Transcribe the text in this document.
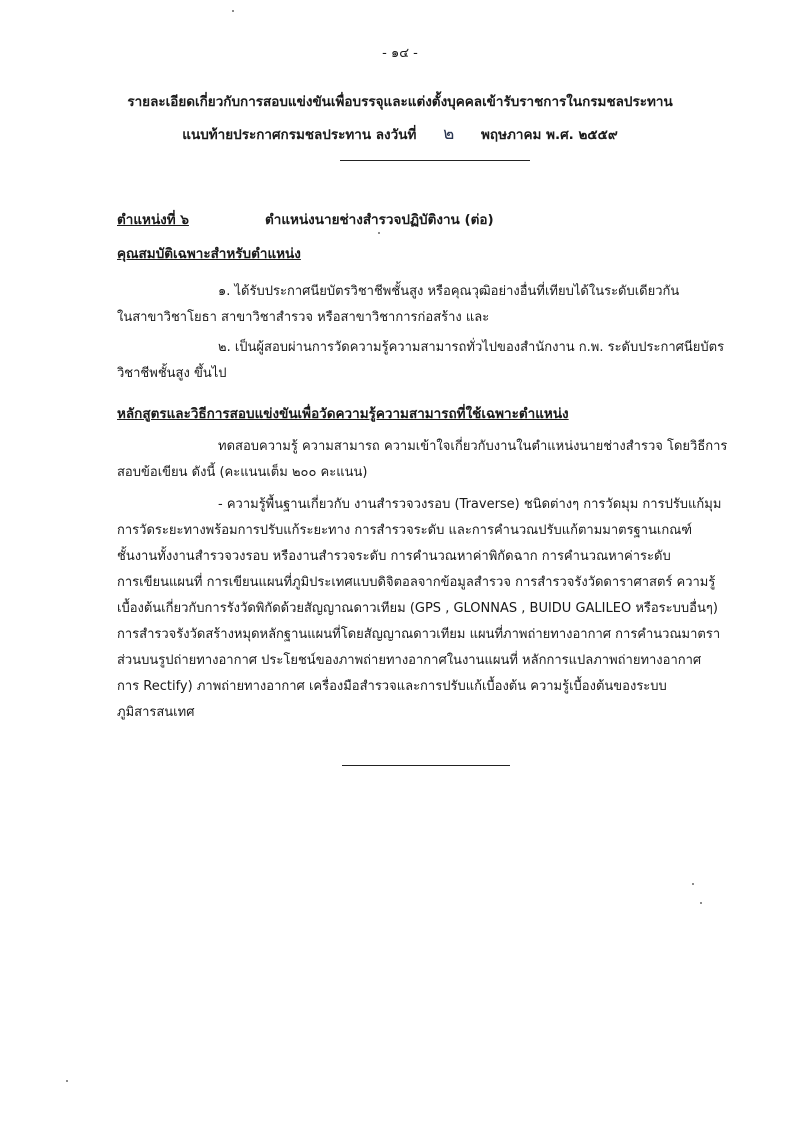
- ๑๔ -
รายละเอียดเกี่ยวกับการสอบแข่งขันเพื่อบรรจุและแต่งตั้งบุคคลเข้ารับราชการในกรมชลประทาน
แนบท้ายประกาศกรมชลประทาน ลงวันที่ ๒ พฤษภาคม พ.ศ. ๒๕๕๙
ตำแหน่งที่ ๖	ตำแหน่งนายช่างสำรวจปฏิบัติงาน (ต่อ)
คุณสมบัติเฉพาะสำหรับตำแหน่ง
๑. ได้รับประกาศนียบัตรวิชาชีพชั้นสูง หรือคุณวุฒิอย่างอื่นที่เทียบได้ในระดับเดียวกัน
ในสาขาวิชาโยธา สาขาวิชาสำรวจ หรือสาขาวิชาการก่อสร้าง และ
๒. เป็นผู้สอบผ่านการวัดความรู้ความสามารถทั่วไปของสำนักงาน ก.พ. ระดับประกาศนียบัตร
วิชาชีพชั้นสูง ขึ้นไป
หลักสูตรและวิธีการสอบแข่งขันเพื่อวัดความรู้ความสามารถที่ใช้เฉพาะตำแหน่ง
ทดสอบความรู้ ความสามารถ ความเข้าใจเกี่ยวกับงานในตำแหน่งนายช่างสำรวจ โดยวิธีการ
สอบข้อเขียน ดังนี้ (คะแนนเต็ม ๒๐๐ คะแนน)
- ความรู้พื้นฐานเกี่ยวกับ งานสำรวจวงรอบ (Traverse) ชนิดต่างๆ การวัดมุม การปรับแก้มุม
การวัดระยะทางพร้อมการปรับแก้ระยะทาง การสำรวจระดับ และการคำนวณปรับแก้ตามมาตรฐานเกณฑ์
ชั้นงานทั้งงานสำรวจวงรอบ หรืองานสำรวจระดับ การคำนวณหาค่าพิกัดฉาก การคำนวณหาค่าระดับ
การเขียนแผนที่ การเขียนแผนที่ภูมิประเทศแบบดิจิตอลจากข้อมูลสำรวจ การสำรวจรังวัดดาราศาสตร์ ความรู้
เบื้องต้นเกี่ยวกับการรังวัดพิกัดด้วยสัญญาณดาวเทียม (GPS , GLONNAS , BUIDU GALILEO หรือระบบอื่นๆ)
การสำรวจรังวัดสร้างหมุดหลักฐานแผนที่โดยสัญญาณดาวเทียม แผนที่ภาพถ่ายทางอากาศ การคำนวณมาตรา
ส่วนบนรูปถ่ายทางอากาศ ประโยชน์ของภาพถ่ายทางอากาศในงานแผนที่ หลักการแปลภาพถ่ายทางอากาศ
การ Rectify) ภาพถ่ายทางอากาศ เครื่องมือสำรวจและการปรับแก้เบื้องต้น ความรู้เบื้องต้นของระบบ
ภูมิสารสนเทศ
